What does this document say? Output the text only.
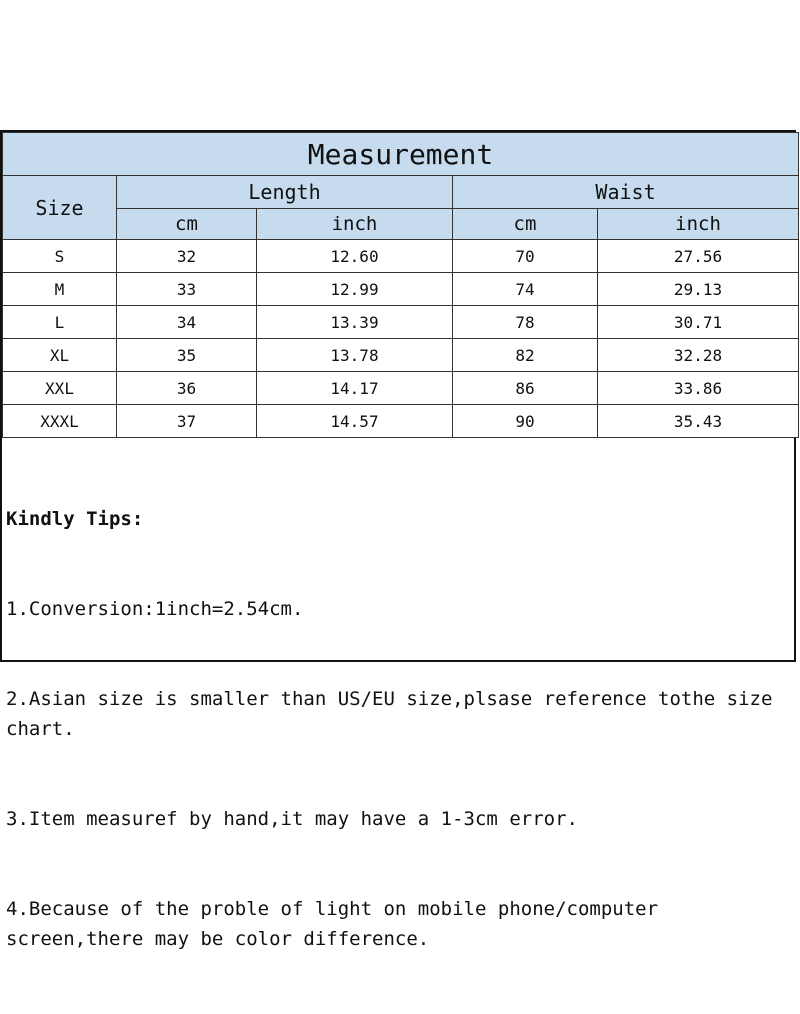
Measurement				
Size	Length		Waist	
	cm	inch	cm	inch
S	32	12.60	70	27.56
M	33	12.99	74	29.13
L	34	13.39	78	30.71
XL	35	13.78	82	32.28
XXL	36	14.17	86	33.86
XXXL	37	14.57	90	35.43

Kindly Tips:

1.Conversion:1inch=2.54cm.

2.Asian size is smaller than US/EU size,plsase reference tothe size chart.

3.Item measuref by hand,it may have a 1-3cm error.

4.Because of the proble of light on mobile phone/computer screen,there may be color difference.
